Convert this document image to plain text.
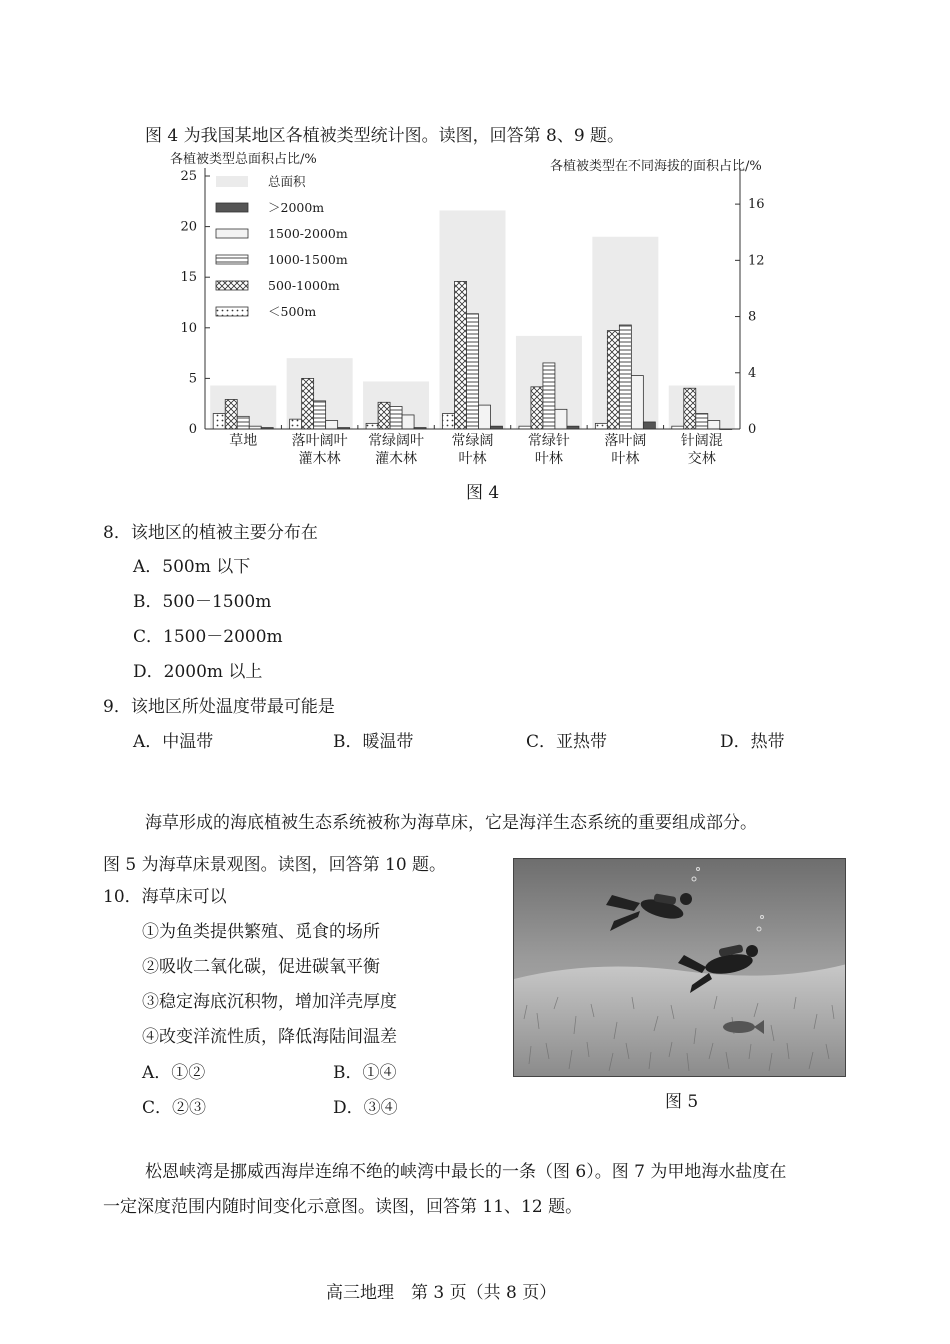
图 4 为我国某地区各植被类型统计图。读图，回答第 8、9 题。
各植被类型总面积占比/%	各植被类型在不同海拔的面积占比/%
0
5
10
15
20
25
0
4
8
12
16
草地 落叶阔叶
灌木林
常绿阔叶
灌木林
常绿阔
叶林
常绿针
叶林
落叶阔
叶林
针阔混
交林
总面积
＞2000m
1500-2000m
1000-1500m
500-1000m
＜500m
图 4
8．该地区的植被主要分布在
A．500m 以下
B．500－1500m
C．1500－2000m
D．2000m 以上
9．该地区所处温度带最可能是
A．中温带	B．暖温带	C．亚热带	D．热带
海草形成的海底植被生态系统被称为海草床，它是海洋生态系统的重要组成部分。
图 5 为海草床景观图。读图，回答第 10 题。
10．海草床可以
①为鱼类提供繁殖、觅食的场所
②吸收二氧化碳，促进碳氧平衡
③稳定海底沉积物，增加洋壳厚度
④改变洋流性质，降低海陆间温差
A．①②	B．①④
C．②③	D．③④	图 5
松恩峡湾是挪威西海岸连绵不绝的峡湾中最长的一条（图 6）。图 7 为甲地海水盐度在
一定深度范围内随时间变化示意图。读图，回答第 11、12 题。
高三地理　第 3 页（共 8 页）
